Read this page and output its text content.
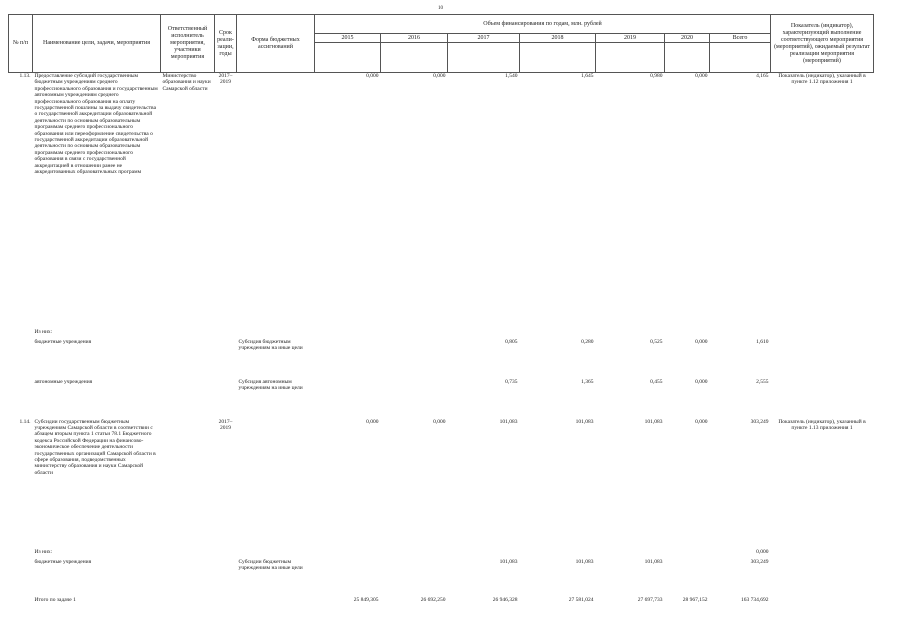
10
№ п/п	Наименование цели, задачи, мероприятия	Ответственный исполнитель мероприятия, участники мероприятия	Срок реали-зации, годы	Форма бюджетных ассигнований	Объем финансирования по годам, млн. рублей							Показатель (индикатор), характеризующий выполнение соответствующего мероприятия (мероприятий), ожидаемый результат реализации мероприятия (мероприятий)
					2015	2016	2017	2018	2019	2020	Всего	

1.13.	Предоставление субсидий государственным бюджетным учреждениям среднего профессионального образования и государственным автономным учреждениям среднего профессионального образования на оплату государственной пошлины за выдачу свидетельства о государственной аккредитации образовательной деятельности по основным образовательным программам среднего профессионального образования или переоформление свидетельства о государственной аккредитации образовательной деятельности по основным образовательным программам среднего профессионального образования в связи с государственной аккредитацией в отношении ранее не аккредитованных образовательных программ	Министерство образования и науки Самарской области	2017–2019		0,000	0,000	1,540	1,645	0,980	0,000	4,165	Показатель (индикатор), указанный в пункте 1.12 приложения 1
	Из них:											
	бюджетные учреждения			Субсидия бюджетным учреждениям на иные цели			0,805	0,280	0,525	0,000	1,610	
	автономные учреждения			Субсидия автономным учреждениям на иные цели			0,735	1,365	0,455	0,000	2,555	
1.14.	Субсидии государственным бюджетным учреждениям Самарской области в соответствии с абзацем вторым пункта 1 статьи 78.1 Бюджетного кодекса Российской Федерации на финансово-экономическое обеспечение деятельности государственных организаций Самарской области в сфере образования, подведомственных министерству образования и науки Самарской области		2017–2019		0,000	0,000	101,083	101,083	101,083	0,000	303,249	Показатель (индикатор), указанный в пункте 1.13 приложения 1
	Из них:										0,000	
	бюджетные учреждения			Субсидии бюджетным учреждениям на иные цели			101,083	101,083	101,083		303,249	
	Итого по задаче 1				25 849,305	26 692,250	26 946,328	27 581,024	27 697,733	28 967,152	163 734,692	
